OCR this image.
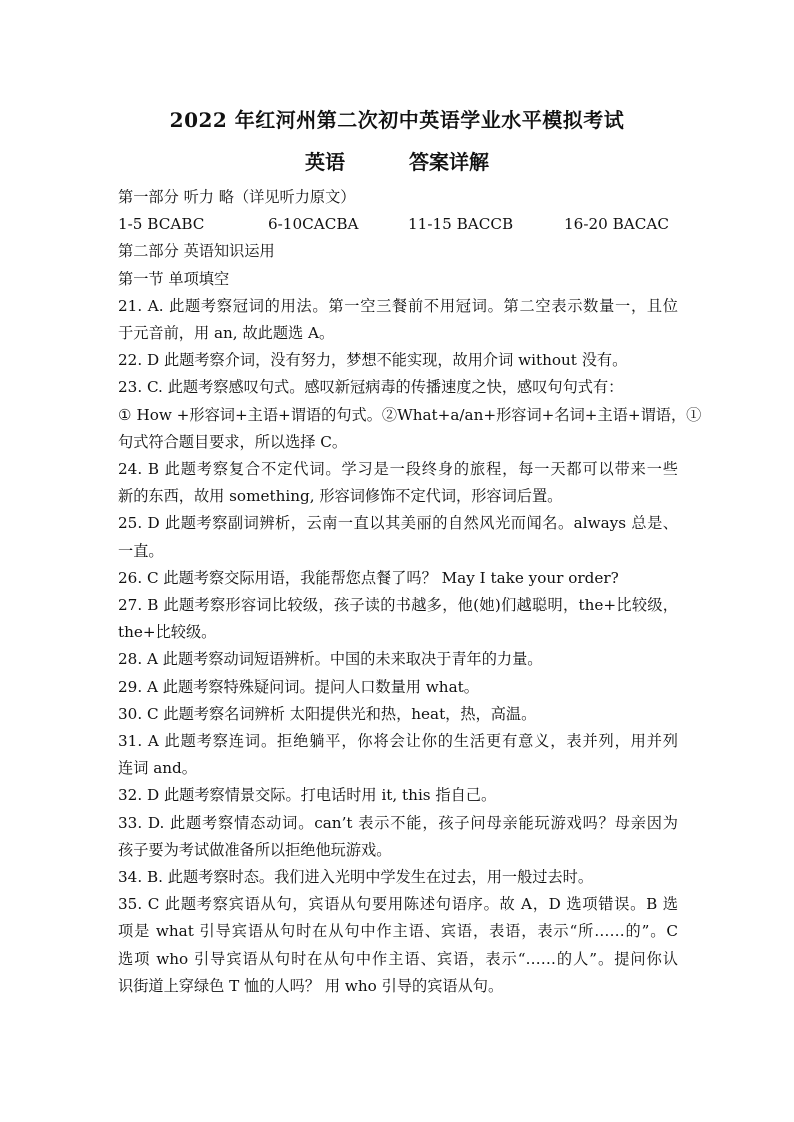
2022 年红河州第二次初中英语学业水平模拟考试
英语	答案详解
第一部分 听力 略（详见听力原文）
1-5 BCABC	6-10CACBA	11-15 BACCB	16-20 BACAC
第二部分 英语知识运用
第一节 单项填空
21. A. 此题考察冠词的用法。第一空三餐前不用冠词。第二空表示数量一，且位
于元音前，用 an, 故此题选 A。
22. D 此题考察介词，没有努力，梦想不能实现，故用介词 without 没有。
23. C. 此题考察感叹句式。感叹新冠病毒的传播速度之快，感叹句句式有：
① How +形容词+主语+谓语的句式。②What+a/an+形容词+名词+主语+谓语，①
句式符合题目要求，所以选择 C。
24. B 此题考察复合不定代词。学习是一段终身的旅程，每一天都可以带来一些
新的东西，故用 something, 形容词修饰不定代词，形容词后置。
25. D 此题考察副词辨析，云南一直以其美丽的自然风光而闻名。always 总是、
一直。
26. C 此题考察交际用语，我能帮您点餐了吗？ May I take your order?
27. B 此题考察形容词比较级，孩子读的书越多，他(她)们越聪明，the+比较级，
the+比较级。
28. A 此题考察动词短语辨析。中国的未来取决于青年的力量。
29. A 此题考察特殊疑问词。提问人口数量用 what。
30. C 此题考察名词辨析 太阳提供光和热，heat，热，高温。
31. A 此题考察连词。拒绝躺平，你将会让你的生活更有意义，表并列，用并列
连词 and。
32. D 此题考察情景交际。打电话时用 it, this 指自己。
33. D. 此题考察情态动词。can’t 表示不能，孩子问母亲能玩游戏吗？母亲因为
孩子要为考试做准备所以拒绝他玩游戏。
34. B. 此题考察时态。我们进入光明中学发生在过去，用一般过去时。
35. C 此题考察宾语从句，宾语从句要用陈述句语序。故 A，D 选项错误。B 选
项是 what 引导宾语从句时在从句中作主语、宾语，表语，表示“所……的”。C
选项 who 引导宾语从句时在从句中作主语、宾语，表示“……的人”。提问你认
识街道上穿绿色 T 恤的人吗？ 用 who 引导的宾语从句。
